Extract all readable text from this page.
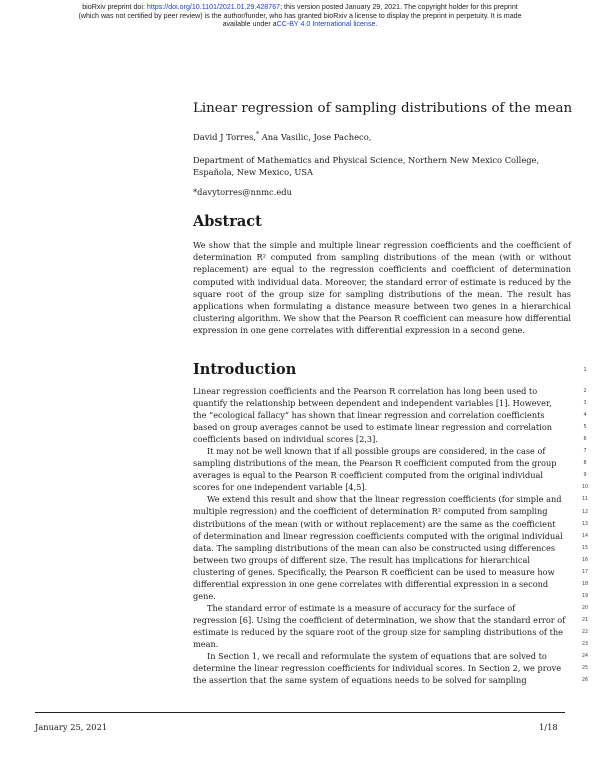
bioRxiv preprint doi: https://doi.org/10.1101/2021.01.29.428767; this version posted January 29, 2021. The copyright holder for this preprint
(which was not certified by peer review) is the author/funder, who has granted bioRxiv a license to display the preprint in perpetuity. It is made
available under aCC-BY 4.0 International license.
Linear regression of sampling distributions of the mean
David J Torres,* Ana Vasilic, Jose Pacheco,
Department of Mathematics and Physical Science, Northern New Mexico College, Española, New Mexico, USA
*davytorres@nnmc.edu
Abstract
We show that the simple and multiple linear regression coefficients and the coefficient of determination R² computed from sampling distributions of the mean (with or without replacement) are equal to the regression coefficients and coefficient of determination computed with individual data. Moreover, the standard error of estimate is reduced by the square root of the group size for sampling distributions of the mean. The result has applications when formulating a distance measure between two genes in a hierarchical clustering algorithm. We show that the Pearson R coefficient can measure how differential expression in one gene correlates with differential expression in a second gene.
Introduction
Linear regression coefficients and the Pearson R correlation has long been used to
quantify the relationship between dependent and independent variables [1]. However,
the “ecological fallacy” has shown that linear regression and correlation coefficients
based on group averages cannot be used to estimate linear regression and correlation
coefficients based on individual scores [2,3].
It may not be well known that if all possible groups are considered, in the case of
sampling distributions of the mean, the Pearson R coefficient computed from the group
averages is equal to the Pearson R coefficient computed from the original individual
scores for one independent variable [4,5].
We extend this result and show that the linear regression coefficients (for simple and
multiple regression) and the coefficient of determination R² computed from sampling
distributions of the mean (with or without replacement) are the same as the coefficient
of determination and linear regression coefficients computed with the original individual
data. The sampling distributions of the mean can also be constructed using differences
between two groups of different size. The result has implications for hierarchical
clustering of genes. Specifically, the Pearson R coefficient can be used to measure how
differential expression in one gene correlates with differential expression in a second
gene.
The standard error of estimate is a measure of accuracy for the surface of
regression [6]. Using the coefficient of determination, we show that the standard error of
estimate is reduced by the square root of the group size for sampling distributions of the
mean.
In Section 1, we recall and reformulate the system of equations that are solved to
determine the linear regression coefficients for individual scores. In Section 2, we prove
the assertion that the same system of equations needs to be solved for sampling
1
2
3
4
5
6
7
8
9
10
11
12
13
14
15
16
17
18
19
20
21
22
23
24
25
26
January 25, 2021	1/18
